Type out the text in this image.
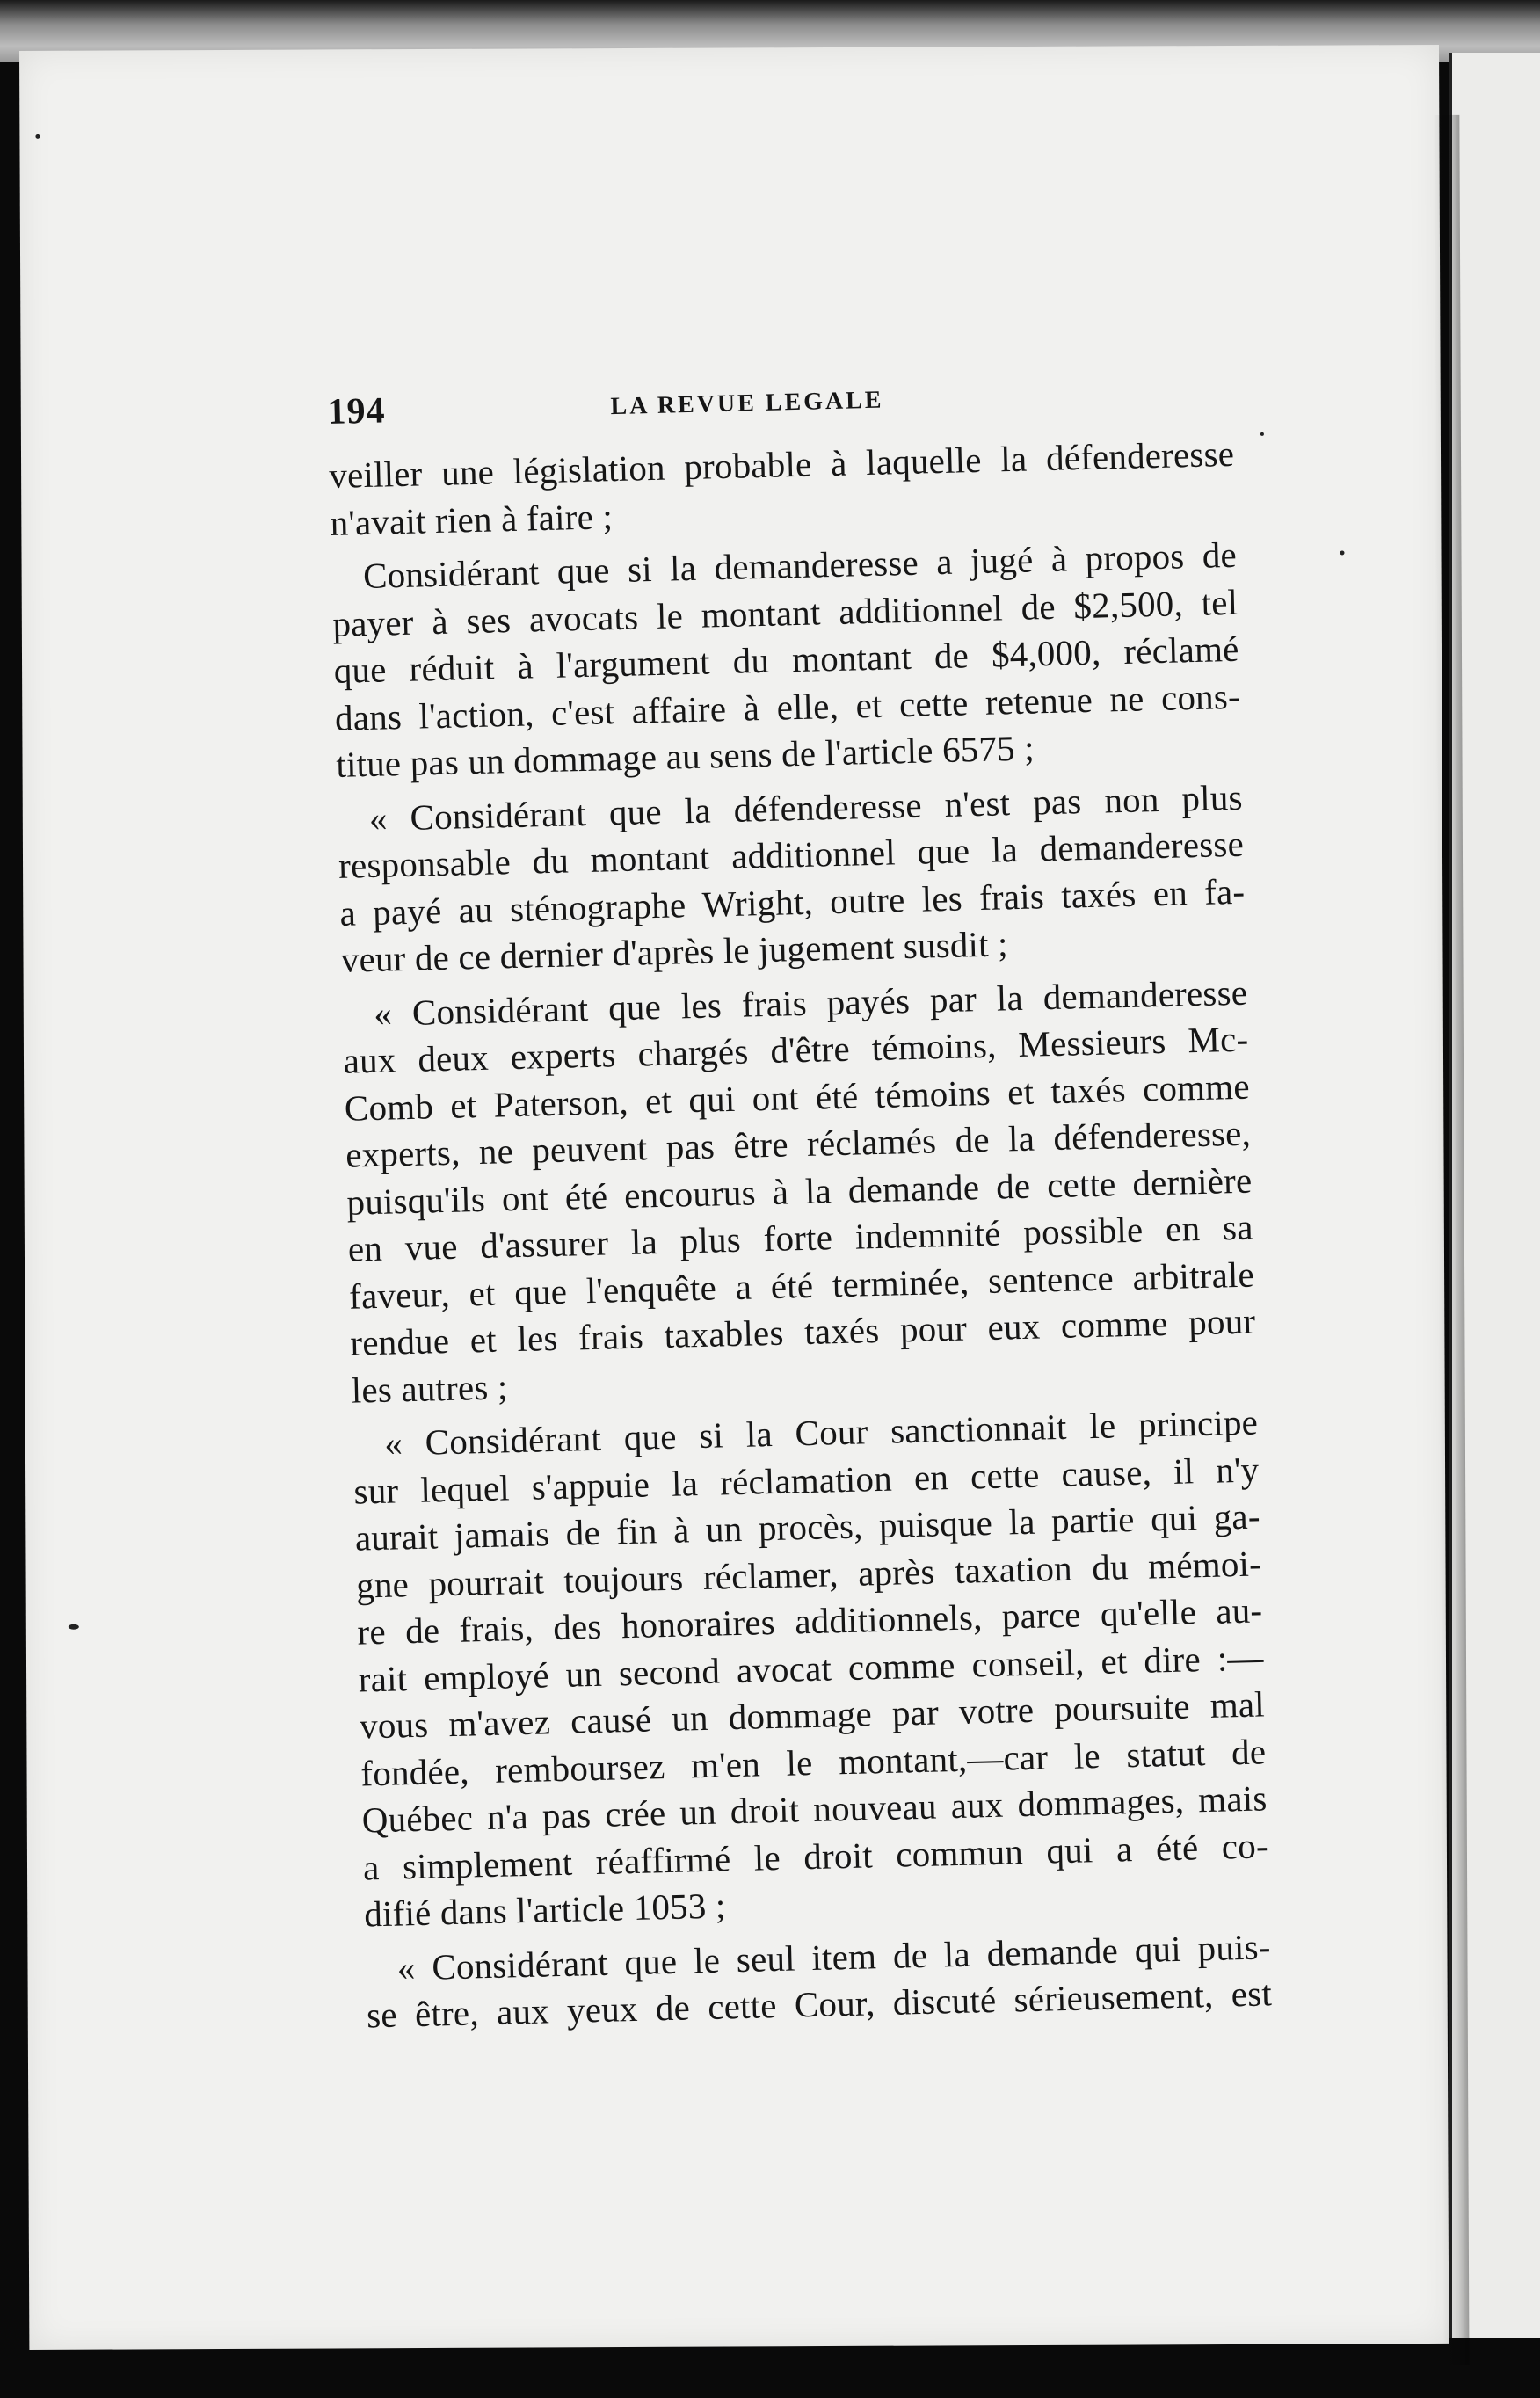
194	LA REVUE LEGALE
veiller une législation probable à laquelle la défenderesse
n'avait rien à faire ;
Considérant que si la demanderesse a jugé à propos de
payer à ses avocats le montant additionnel de $2,500, tel
que réduit à l'argument du montant de $4,000, réclamé
dans l'action, c'est affaire à elle, et cette retenue ne cons-
titue pas un dommage au sens de l'article 6575 ;
« Considérant que la défenderesse n'est pas non plus
responsable du montant additionnel que la demanderesse
a payé au sténographe Wright, outre les frais taxés en fa-
veur de ce dernier d'après le jugement susdit ;
« Considérant que les frais payés par la demanderesse
aux deux experts chargés d'être témoins, Messieurs Mc-
Comb et Paterson, et qui ont été témoins et taxés comme
experts, ne peuvent pas être réclamés de la défenderesse,
puisqu'ils ont été encourus à la demande de cette dernière
en vue d'assurer la plus forte indemnité possible en sa
faveur, et que l'enquête a été terminée, sentence arbitrale
rendue et les frais taxables taxés pour eux comme pour
les autres ;
« Considérant que si la Cour sanctionnait le principe
sur lequel s'appuie la réclamation en cette cause, il n'y
aurait jamais de fin à un procès, puisque la partie qui ga-
gne pourrait toujours réclamer, après taxation du mémoi-
re de frais, des honoraires additionnels, parce qu'elle au-
rait employé un second avocat comme conseil, et dire :—
vous m'avez causé un dommage par votre poursuite mal
fondée, remboursez m'en le montant,—car le statut de
Québec n'a pas crée un droit nouveau aux dommages, mais
a simplement réaffirmé le droit commun qui a été co-
difié dans l'article 1053 ;
« Considérant que le seul item de la demande qui puis-
se être, aux yeux de cette Cour, discuté sérieusement, est
